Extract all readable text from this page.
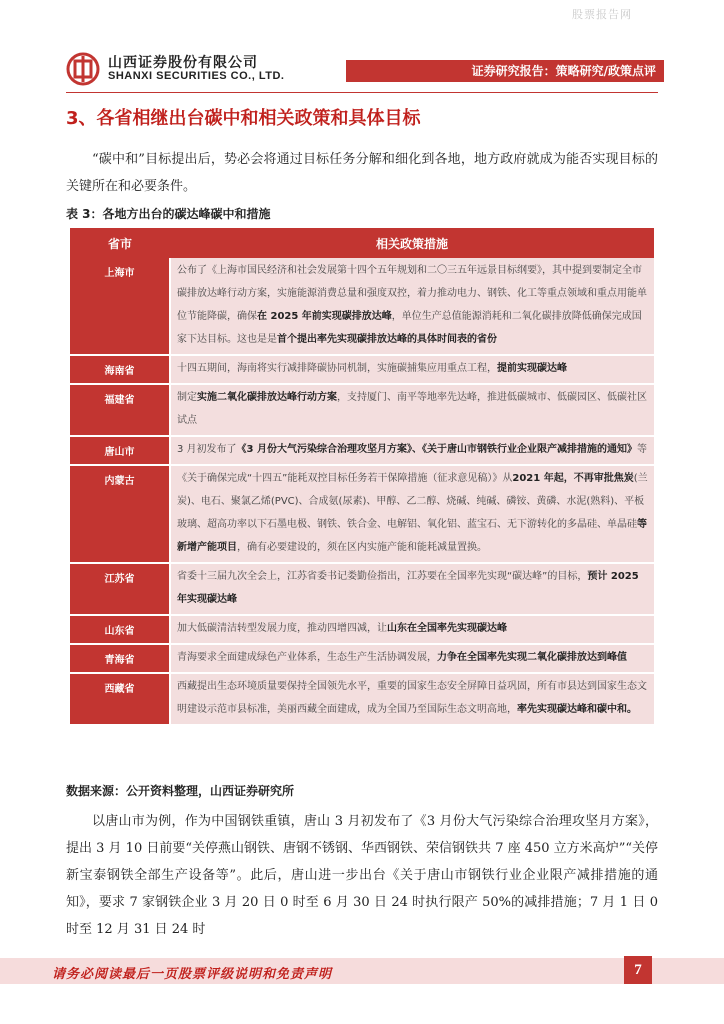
股票报告网
山西证券股份有限公司
SHANXI SECURITIES CO., LTD.	证券研究报告：策略研究/政策点评
3、各省相继出台碳中和相关政策和具体目标
“碳中和”目标提出后，势必会将通过目标任务分解和细化到各地，地方政府就成为能否实现目标的关键所在和必要条件。
表 3：各地方出台的碳达峰碳中和措施
省市	相关政策措施
上海市	公布了《上海市国民经济和社会发展第十四个五年规划和二〇三五年远景目标纲要》，其中提到要制定全市碳排放达峰行动方案，实施能源消费总量和强度双控，着力推动电力、钢铁、化工等重点领域和重点用能单位节能降碳，确保在 2025 年前实现碳排放达峰，单位生产总值能源消耗和二氧化碳排放降低确保完成国家下达目标。这也是是首个提出率先实现碳排放达峰的具体时间表的省份
海南省	十四五期间，海南将实行减排降碳协同机制，实施碳捕集应用重点工程，提前实现碳达峰
福建省	制定实施二氧化碳排放达峰行动方案，支持厦门、南平等地率先达峰，推进低碳城市、低碳园区、低碳社区试点
唐山市	3 月初发布了《3 月份大气污染综合治理攻坚月方案》、《关于唐山市钢铁行业企业限产减排措施的通知》等
内蒙古	《关于确保完成“十四五”能耗双控目标任务若干保障措施（征求意见稿）》从2021 年起，不再审批焦炭(兰炭)、电石、聚氯乙烯(PVC)、合成氨(尿素)、甲醇、乙二醇、烧碱、纯碱、磷铵、黄磷、水泥(熟料)、平板玻璃、超高功率以下石墨电极、钢铁、铁合金、电解铝、氧化铝、蓝宝石、无下游转化的多晶硅、单晶硅等新增产能项目，确有必要建设的，须在区内实施产能和能耗减量置换。
江苏省	省委十三届九次全会上，江苏省委书记娄勤俭指出，江苏要在全国率先实现“碳达峰”的目标，预计 2025 年实现碳达峰
山东省	加大低碳清洁转型发展力度，推动四增四减，让山东在全国率先实现碳达峰
青海省	青海要求全面建成绿色产业体系，生态生产生活协调发展，力争在全国率先实现二氧化碳排放达到峰值
西藏省	西藏提出生态环境质量要保持全国领先水平，重要的国家生态安全屏障日益巩固，所有市县达到国家生态文明建设示范市县标准，美丽西藏全面建成，成为全国乃至国际生态文明高地，率先实现碳达峰和碳中和。
数据来源：公开资料整理，山西证券研究所
以唐山市为例，作为中国钢铁重镇，唐山 3 月初发布了《3 月份大气污染综合治理攻坚月方案》，提出 3 月 10 日前要“关停燕山钢铁、唐钢不锈钢、华西钢铁、荣信钢铁共 7 座 450 立方米高炉”“关停新宝泰钢铁全部生产设备等”。此后，唐山进一步出台《关于唐山市钢铁行业企业限产减排措施的通知》，要求 7 家钢铁企业 3 月 20 日 0 时至 6 月 30 日 24 时执行限产 50%的减排措施；7 月 1 日 0 时至 12 月 31 日 24 时
请务必阅读最后一页股票评级说明和免责声明	7
